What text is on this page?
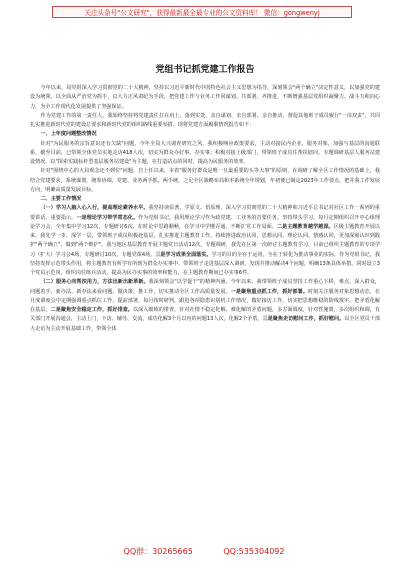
关注头条号"公文研究"，获得最新最全最专业的公文资料库！ 微信：gongwenyj
党组书记抓党建工作报告

今年以来，局党组深入学习贯彻党的二十大精神，坚持以习近平新时代中国特色社会主义思想为指导，深刻领会"两个确立"决定性意义，以加强党的建设为统领，以全面从严治党为抓手，以大力正风肃纪为手段，把党建工作与业务工作同谋划、共部署、齐推进，不断增强基层党组织凝聚力、战斗力和向心力，为全工作现代化发展提供了坚强保证。

作为党建工作的第一责任人，我始终坚持将党建责任扛在肩上、落到实处，亲自谋划、亲自部署、亲自推动，督促其他班子成员履行"一岗双责"，共同扎实推进新时代党的建设总要求和新时代党的组织路线重要举措。现将党建方面履职情况报告如下：

一、上年度问题整改情况

针对"为民服务的宗旨意识还有欠缺"问题，今年全局大兴调查研究之风，我积极响应政策要求，主动对接民内企业，服务对象，加强与基层的沟通联系，截至目前，已带领全体党员实地走访418人次，切实为群众办好事、办实事；积极对接上级部门，带领班子成员往帮扶慰问，专题调研基层人服务站建设情况，以"探索实践标杆型基层服务站建设"为主题，在打造站点的同时，提高为民服务的效率。

针对"围绕中心的大局观念还不到位"问题，自上任以来，本着"服务好群众是唯一且最重要的头等大事"的原则，在调研了解全区工作情况的基础上，我结合党建要求，系统谋划，统筹协调、党建、业务两手抓、两手硬，之足全区战略布局和本系统全年规划，年初便已制定2023年工作要点，把并我工作发展方向，明确高质量发展目标。

二、主要工作情况

（一）学习入脑入心入行，提高理论素养水平。我坚持读原著、学原文、悟原理，深入学习贯彻党的二十大精神和习近平总书记对社区工作一系列的重要讲话、重要指示，一是理论学习带学常态化。作为党组书记，我用理论学习作为政党建、工业务的首要任务，坚持带头学习，每月定期组织召开中心组理论学习会，全年集中学习12次，专题研讨6次，在时论中思路顺畅，在学习中学懂弄通，不断扩党工作局面。二是主题教育越学越深。区级主题教育开展以来，我先学一步、深学一层，带领班子成员积极赴基层，扎实推进主题教育工作，持续推进政治认同、思想认同、理论认同、情感认同，更加深刻认识到践护"两个确立"、做到"两个维护"。我与地区基层教育开展主题党日活动12次，专题调研，我先在区第一次研讨主题教育学习，目前已组织主题教育的专项学习（扩大）学习会4场，专题研讨10次，专题党课4场。三是学习成果全面落实。学习的目的全在于运用，全在于转化为推动事业的实际，作为党组书记，我坚持发挥示范带头作用，将主题教育有所学有所到为群众办实事中，带领班子走进基层深入调研，发现并推动解决4个问题，明确13条具体举措。同时设立3个党员示范岗，组织岗位练兵活动，提高为民办实事的效率和能力，在主题教育期间已办实事6件。

（二）服务心向帮扶用力，方法出新出新革新。我深刻领会"以学促干"的精神内涵，今年以来，我带领班子成员坚持工作重心下移，难点、深入群众，问题着手，新办法、新办法来看问题、做决策、推工作，切实推动全区工作高质量发展。一是聚焦重点抓工作，抓好部署。时刻关注服务对象思想动态，在月度调度会中定期强调重点抓住工作，提前部署，每月按时研判，跟进各项隐患识别机工作情况，做好接访工作，切实把思想维稳的防线筑牢，把矛盾化解在基层。二是聚焦安全稳定工作，抓好排查。以深入细致的排查，针对社情不稳定化解、难化解的矛盾问题，多方面调度，针对性施策，多次组织和调，有关部门开展沟通会，主动上门，下访、辅导、交流，成功化解3个月以内的问题13人次，化解2个矛盾。三是聚焦走访慰问工作，抓好慰问。以全区党员干部大走访为主动开展基础工作，带领全体

QQ群：30265665	QQ:535304092
